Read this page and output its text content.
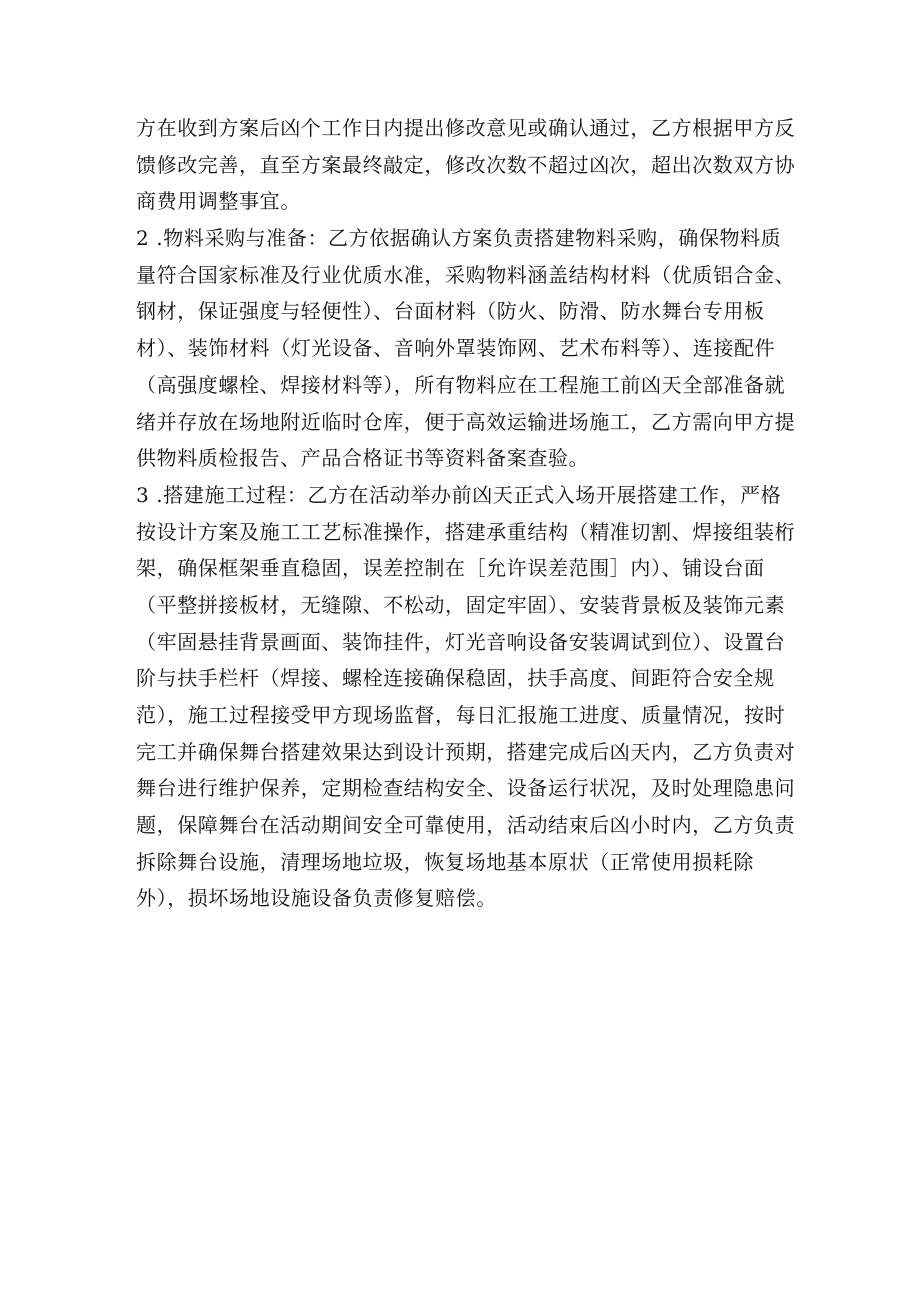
方在收到方案后凶个工作日内提出修改意见或确认通过，乙方根据甲方反
馈修改完善，直至方案最终敲定，修改次数不超过凶次，超出次数双方协
商费用调整事宜。
2 .物料采购与准备：乙方依据确认方案负责搭建物料采购，确保物料质
量符合国家标准及行业优质水准，采购物料涵盖结构材料（优质铝合金、
钢材，保证强度与轻便性）、台面材料（防火、防滑、防水舞台专用板
材）、装饰材料（灯光设备、音响外罩装饰网、艺术布料等）、连接配件
（高强度螺栓、焊接材料等），所有物料应在工程施工前凶天全部准备就
绪并存放在场地附近临时仓库，便于高效运输进场施工，乙方需向甲方提
供物料质检报告、产品合格证书等资料备案查验。
3 .搭建施工过程：乙方在活动举办前凶天正式入场开展搭建工作，严格
按设计方案及施工工艺标准操作，搭建承重结构（精准切割、焊接组装桁
架，确保框架垂直稳固，误差控制在［允许误差范围］内）、铺设台面
（平整拼接板材，无缝隙、不松动，固定牢固）、安装背景板及装饰元素
（牢固悬挂背景画面、装饰挂件，灯光音响设备安装调试到位）、设置台
阶与扶手栏杆（焊接、螺栓连接确保稳固，扶手高度、间距符合安全规
范），施工过程接受甲方现场监督，每日汇报施工进度、质量情况，按时
完工并确保舞台搭建效果达到设计预期，搭建完成后凶天内，乙方负责对
舞台进行维护保养，定期检查结构安全、设备运行状况，及时处理隐患问
题，保障舞台在活动期间安全可靠使用，活动结束后凶小时内，乙方负责
拆除舞台设施，清理场地垃圾，恢复场地基本原状（正常使用损耗除
外），损坏场地设施设备负责修复赔偿。
